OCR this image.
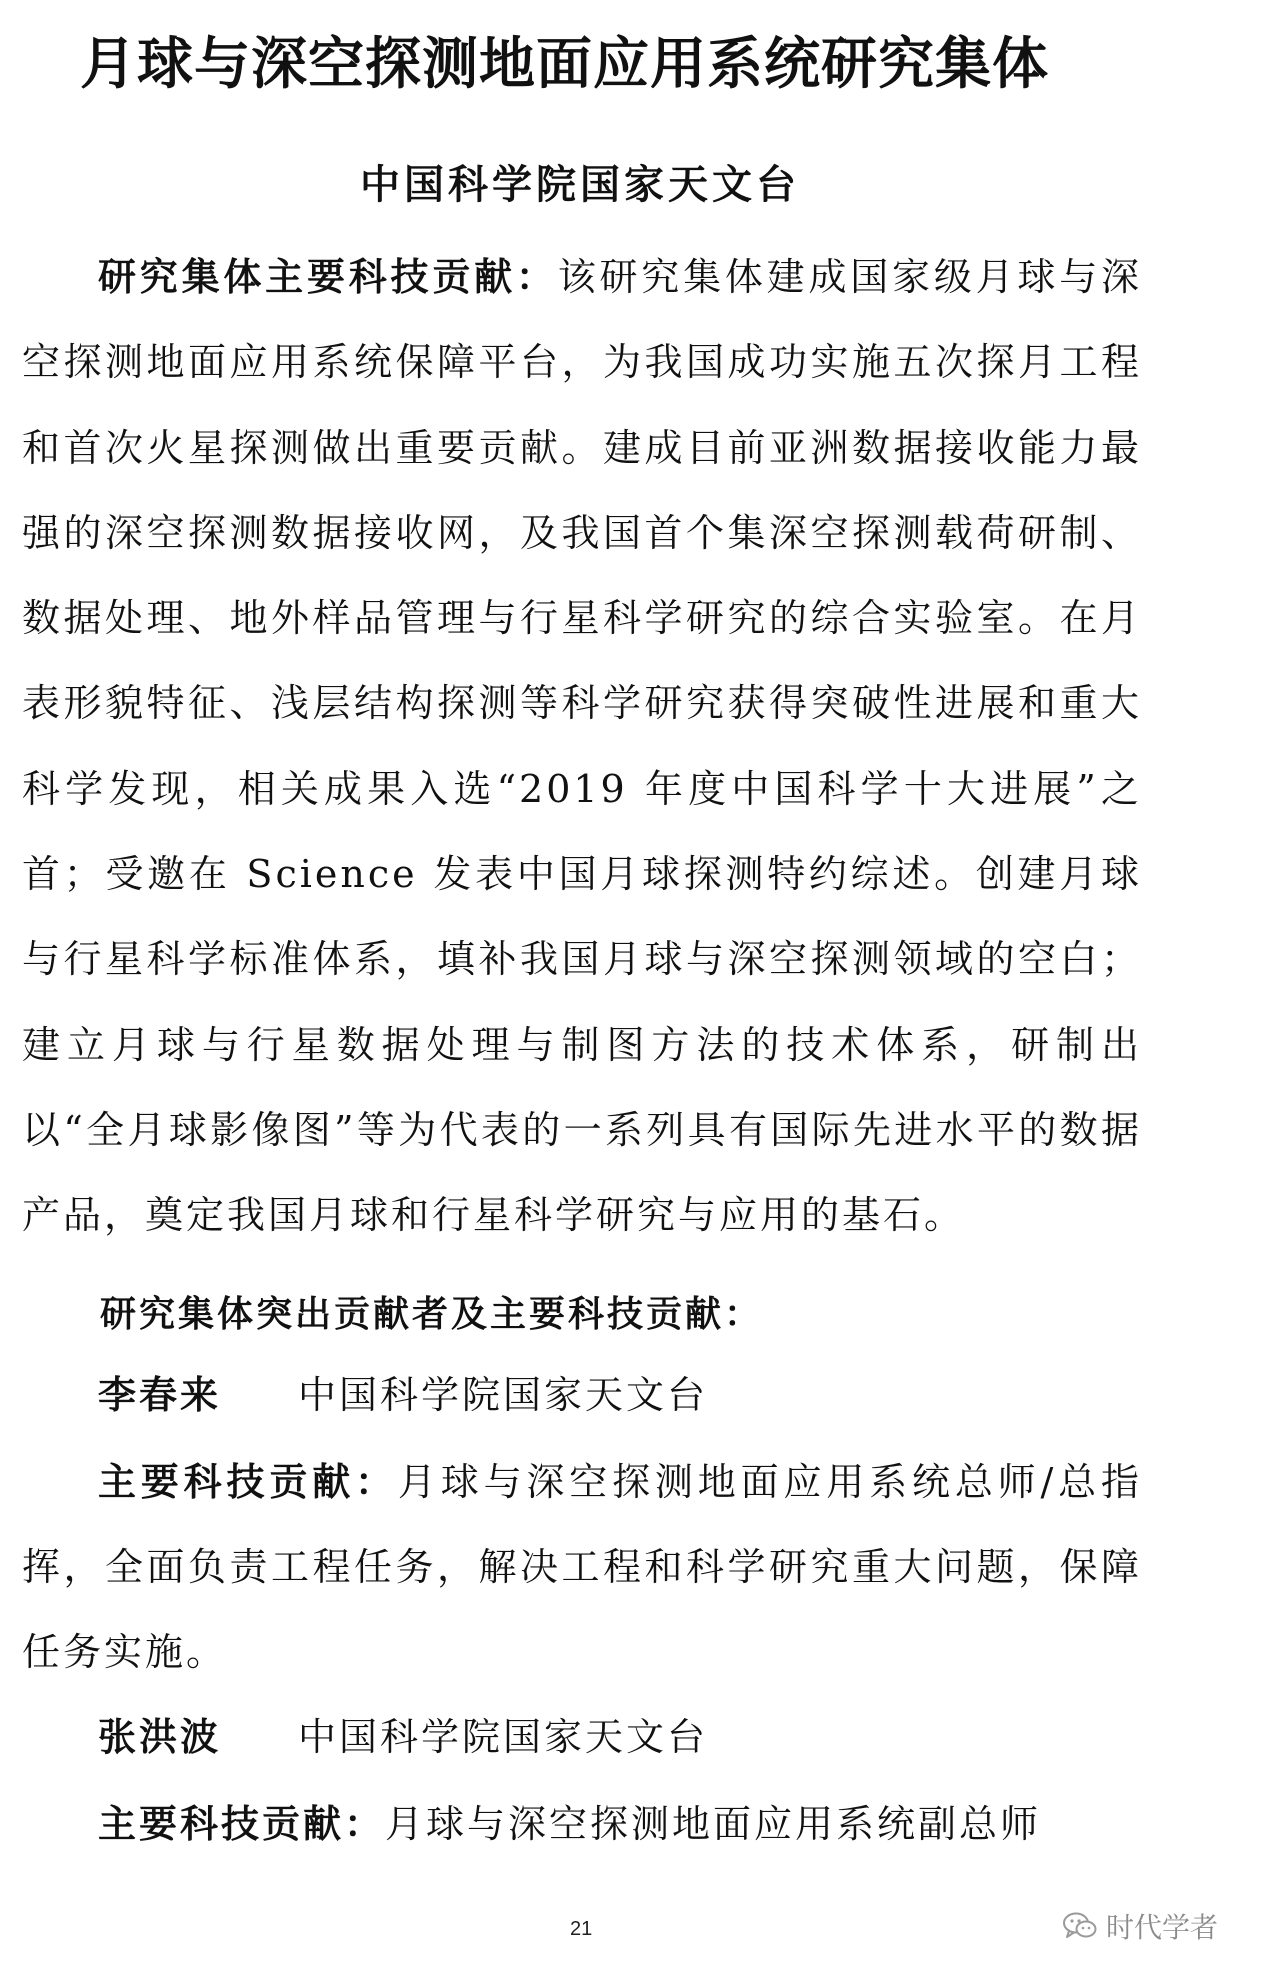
月球与深空探测地面应用系统研究集体
中国科学院国家天文台

研究集体主要科技贡献：该研究集体建成国家级月球与深空探测地面应用系统保障平台，为我国成功实施五次探月工程和首次火星探测做出重要贡献。建成目前亚洲数据接收能力最强的深空探测数据接收网，及我国首个集深空探测载荷研制、数据处理、地外样品管理与行星科学研究的综合实验室。在月表形貌特征、浅层结构探测等科学研究获得突破性进展和重大科学发现，相关成果入选“2019 年度中国科学十大进展”之首；受邀在 Science 发表中国月球探测特约综述。创建月球与行星科学标准体系，填补我国月球与深空探测领域的空白；建立月球与行星数据处理与制图方法的技术体系，研制出以“全月球影像图”等为代表的一系列具有国际先进水平的数据产品，奠定我国月球和行星科学研究与应用的基石。

研究集体突出贡献者及主要科技贡献：
李春来 中国科学院国家天文台

主要科技贡献：月球与深空探测地面应用系统总师/总指挥，全面负责工程任务，解决工程和科学研究重大问题，保障任务实施。

张洪波 中国科学院国家天文台

主要科技贡献：月球与深空探测地面应用系统副总师

21	时代学者
